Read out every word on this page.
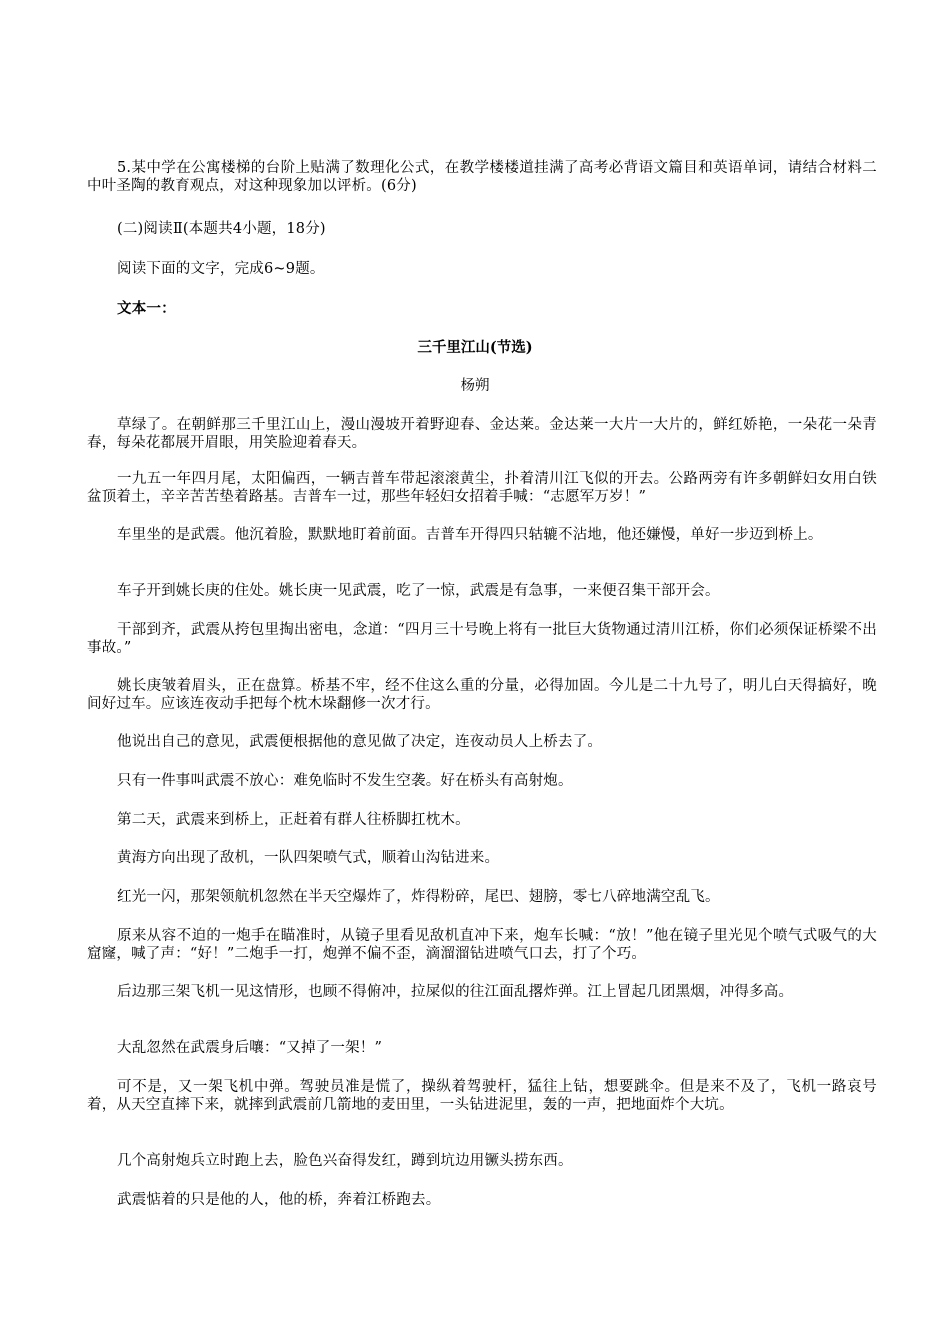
5.某中学在公寓楼梯的台阶上贴满了数理化公式，在教学楼楼道挂满了高考必背语文篇目和英语单词，请结合材料二中叶圣陶的教育观点，对这种现象加以评析。(6分)
(二)阅读Ⅱ(本题共4小题，18分)
阅读下面的文字，完成6~9题。
文本一：
三千里江山(节选)
杨朔
草绿了。在朝鲜那三千里江山上，漫山漫坡开着野迎春、金达莱。金达莱一大片一大片的，鲜红娇艳，一朵花一朵青春，每朵花都展开眉眼，用笑脸迎着春天。
一九五一年四月尾，太阳偏西，一辆吉普车带起滚滚黄尘，扑着清川江飞似的开去。公路两旁有许多朝鲜妇女用白铁盆顶着土，辛辛苦苦垫着路基。吉普车一过，那些年轻妇女招着手喊：“志愿军万岁！”
车里坐的是武震。他沉着脸，默默地盯着前面。吉普车开得四只轱辘不沾地，他还嫌慢，单好一步迈到桥上。
车子开到姚长庚的住处。姚长庚一见武震，吃了一惊，武震是有急事，一来便召集干部开会。
干部到齐，武震从挎包里掏出密电，念道：“四月三十号晚上将有一批巨大货物通过清川江桥，你们必须保证桥梁不出事故。”
姚长庚皱着眉头，正在盘算。桥基不牢，经不住这么重的分量，必得加固。今儿是二十九号了，明儿白天得搞好，晚间好过车。应该连夜动手把每个枕木垛翻修一次才行。
他说出自己的意见，武震便根据他的意见做了决定，连夜动员人上桥去了。
只有一件事叫武震不放心：难免临时不发生空袭。好在桥头有高射炮。
第二天，武震来到桥上，正赶着有群人往桥脚扛枕木。
黄海方向出现了敌机，一队四架喷气式，顺着山沟钻进来。
红光一闪，那架领航机忽然在半天空爆炸了，炸得粉碎，尾巴、翅膀，零七八碎地满空乱飞。
原来从容不迫的一炮手在瞄准时，从镜子里看见敌机直冲下来，炮车长喊：“放！”他在镜子里光见个喷气式吸气的大窟窿，喊了声：“好！”二炮手一打，炮弹不偏不歪，滴溜溜钻进喷气口去，打了个巧。
后边那三架飞机一见这情形，也顾不得俯冲，拉屎似的往江面乱撂炸弹。江上冒起几团黑烟，冲得多高。
大乱忽然在武震身后嚷：“又掉了一架！”
可不是，又一架飞机中弹。驾驶员准是慌了，操纵着驾驶杆，猛往上钻，想要跳伞。但是来不及了，飞机一路哀号着，从天空直摔下来，就摔到武震前几箭地的麦田里，一头钻进泥里，轰的一声，把地面炸个大坑。
几个高射炮兵立时跑上去，脸色兴奋得发红，蹲到坑边用镢头捞东西。
武震惦着的只是他的人，他的桥，奔着江桥跑去。
